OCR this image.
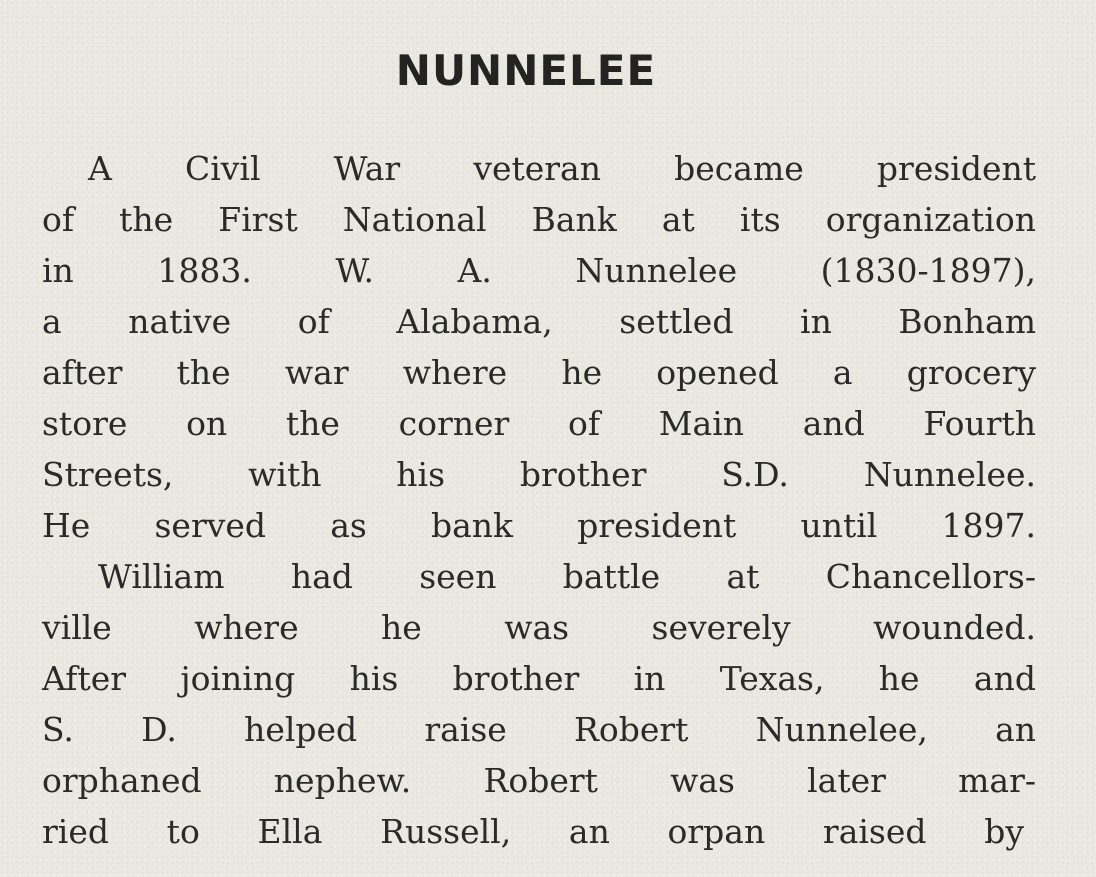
NUNNELEE
A Civil War veteran became president
of the First National Bank at its organization
in 1883. W. A. Nunnelee (1830-1897),
a native of Alabama, settled in Bonham
after the war where he opened a grocery
store on the corner of Main and Fourth
Streets, with his brother S.D. Nunnelee.
He served as bank president until 1897.
William had seen battle at Chancellors-
ville where he was severely wounded.
After joining his brother in Texas, he and
S. D. helped raise Robert Nunnelee, an
orphaned nephew. Robert was later mar-
ried to Ella Russell, an orpan raised by
